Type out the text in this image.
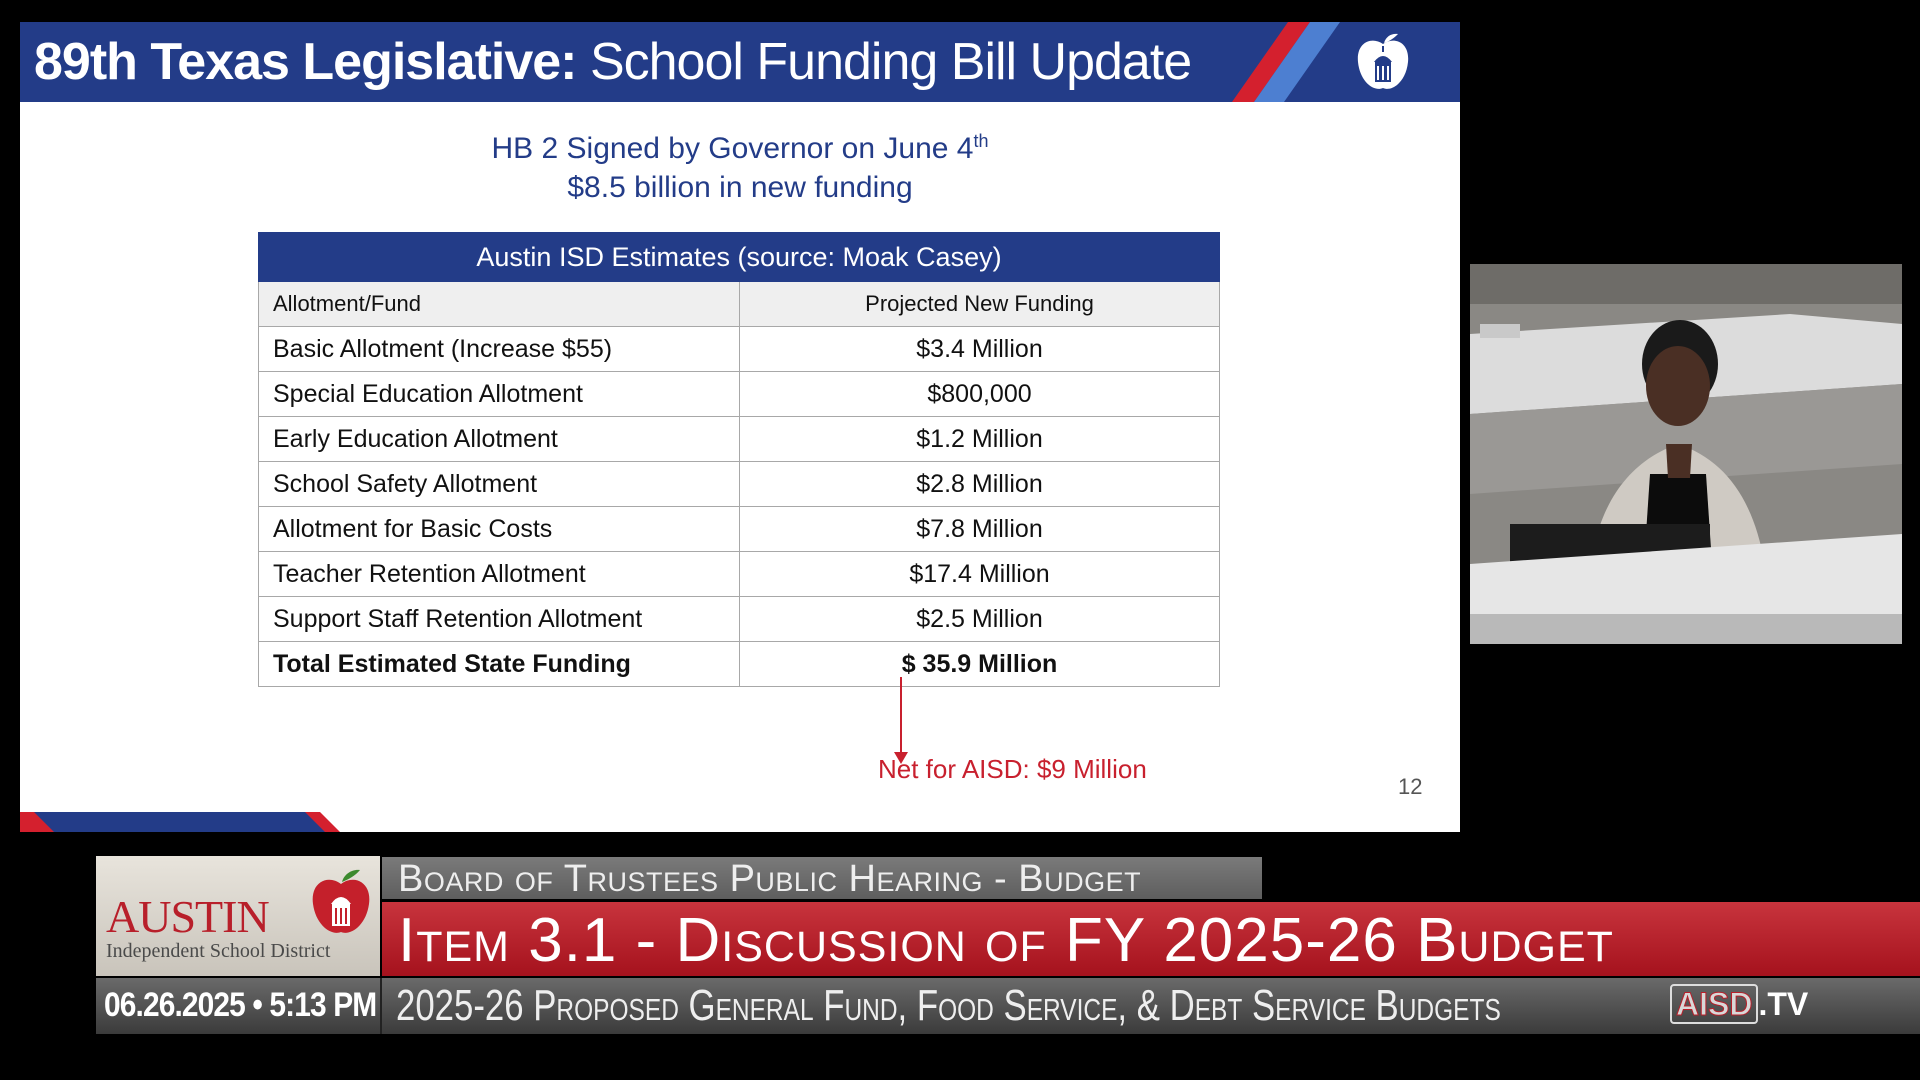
89th Texas Legislative: School Funding Bill Update
HB 2 Signed by Governor on June 4th
$8.5 billion in new funding
Austin ISD Estimates (source: Moak Casey)	
Allotment/Fund	Projected New Funding
Basic Allotment (Increase $55)	$3.4 Million
Special Education Allotment	$800,000
Early Education Allotment	$1.2 Million
School Safety Allotment	$2.8 Million
Allotment for Basic Costs	$7.8 Million
Teacher Retention Allotment	$17.4 Million
Support Staff Retention Allotment	$2.5 Million
Total Estimated State Funding	$ 35.9 Million
Net for AISD: $9 Million
12
AUSTIN
Independent School District
Board of Trustees Public Hearing - Budget
Item 3.1 - Discussion of FY 2025-26 Budget
06.26.2025 • 5:13 PM 2025-26 Proposed General Fund, Food Service, & Debt Service Budgets	AISD .TV
